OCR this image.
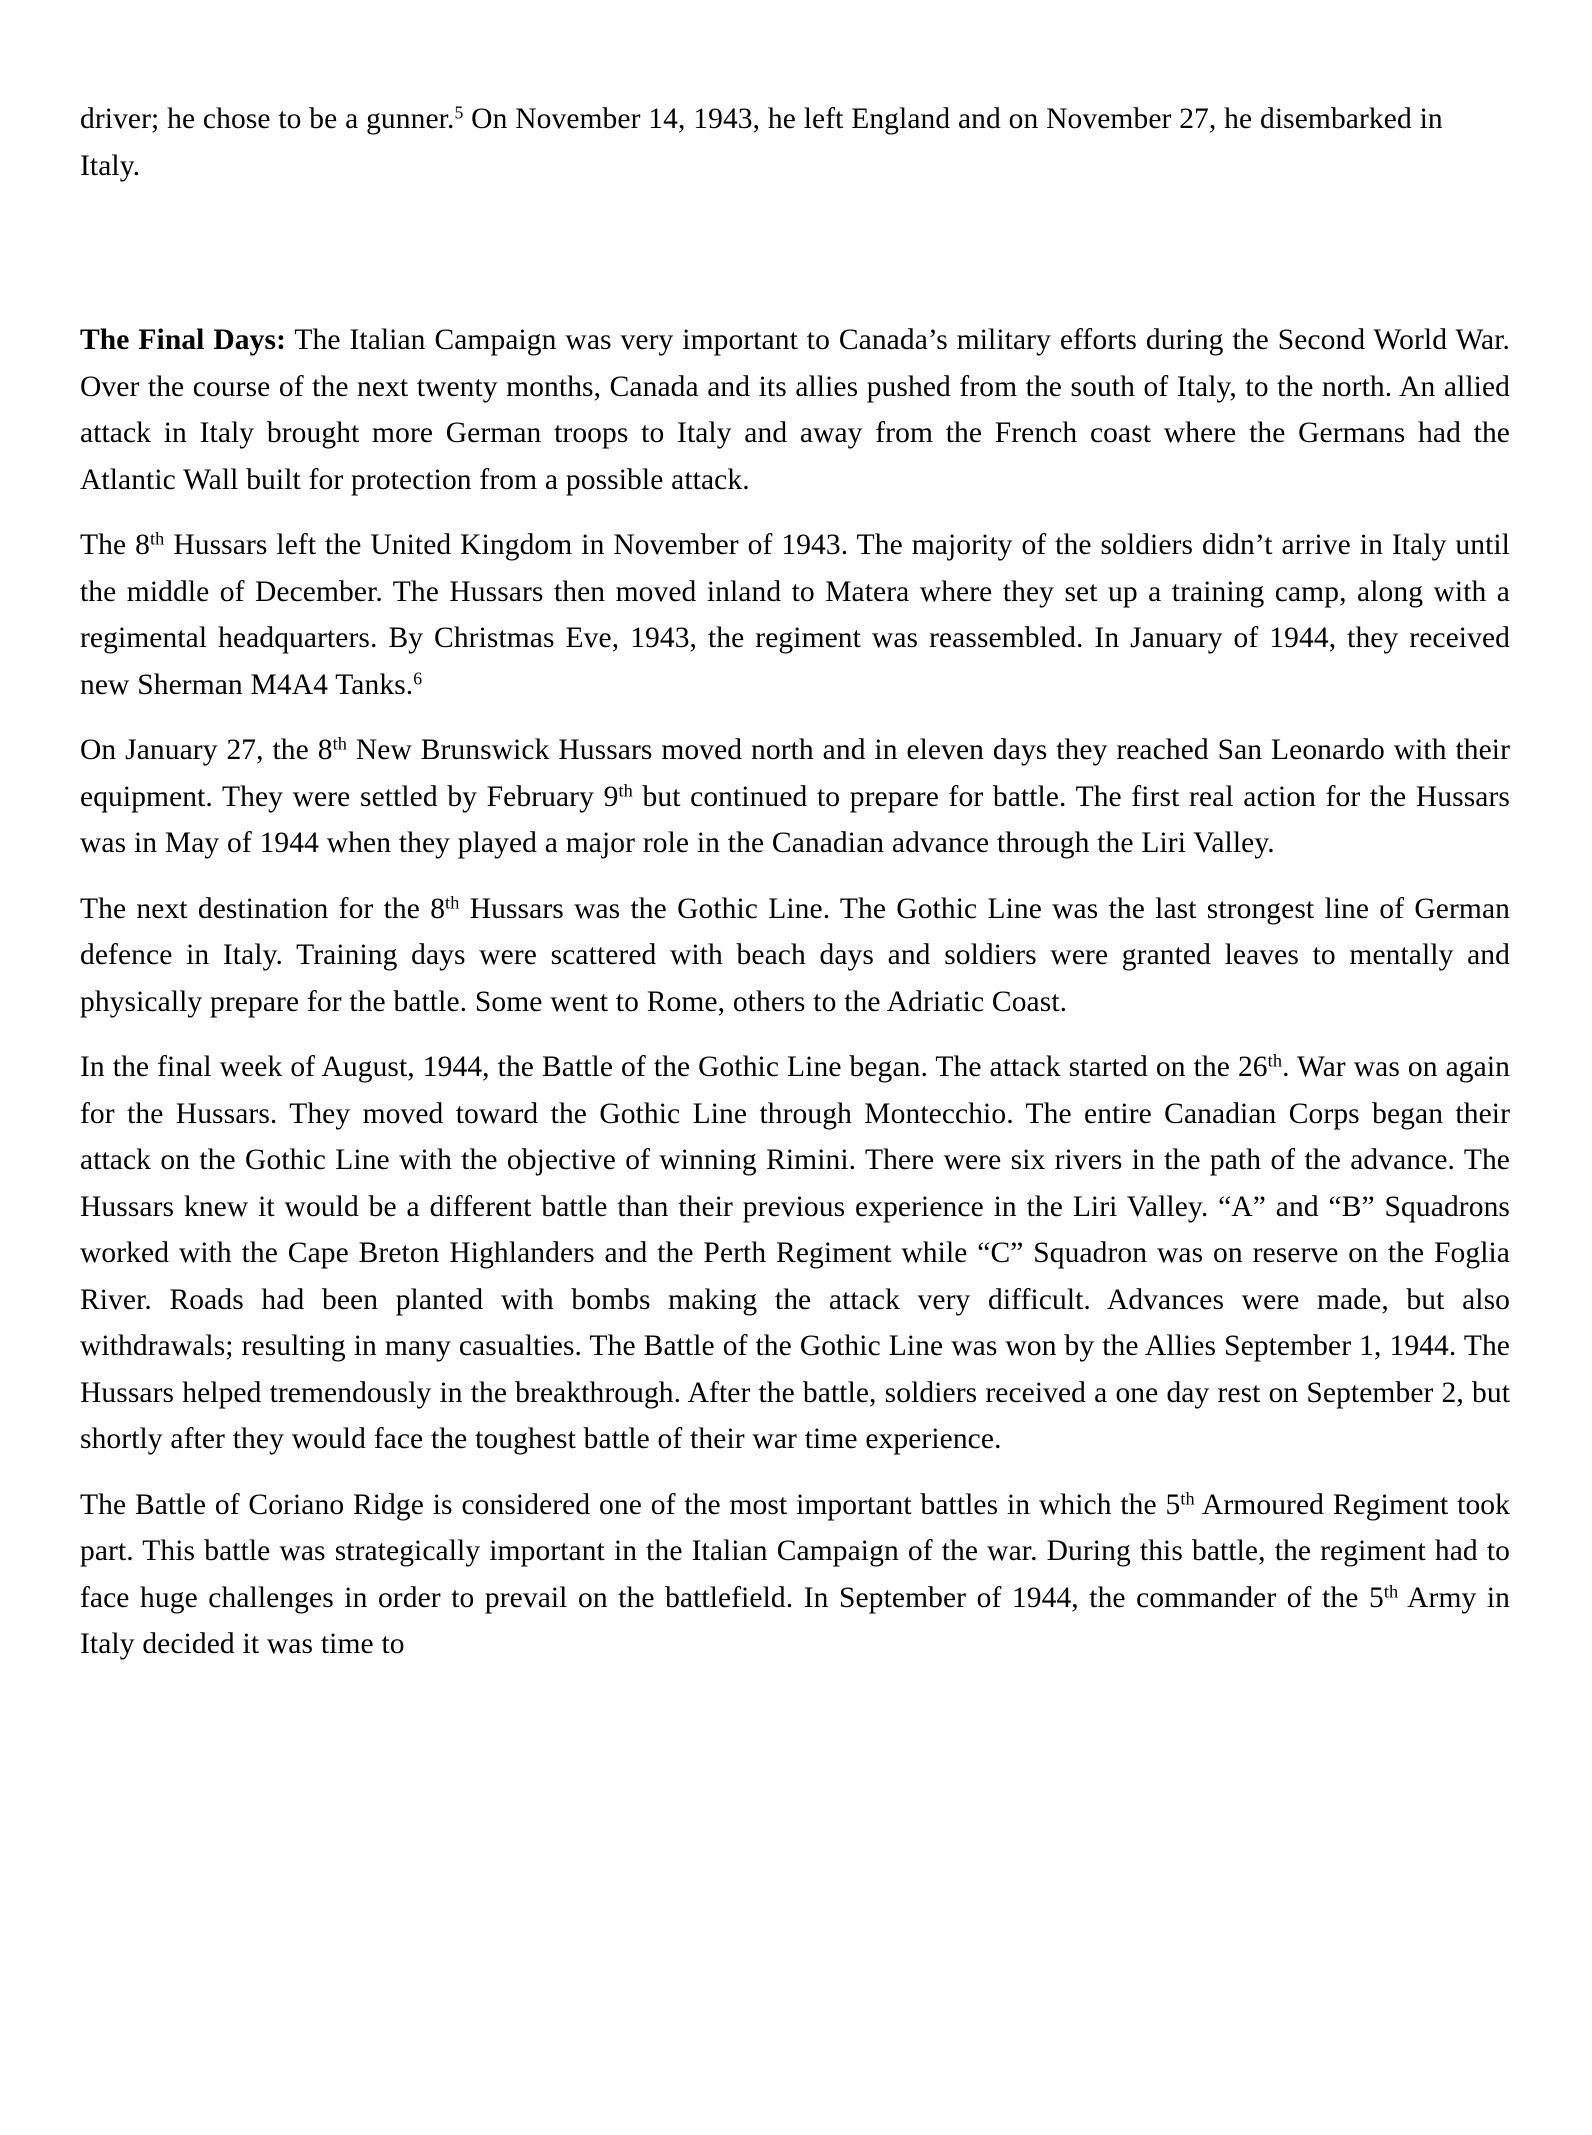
driver; he chose to be a gunner.$^5$ On November 14, 1943, he left England and on November 27, he disembarked in Italy.

The Final Days: The Italian Campaign was very important to Canada’s military efforts during the Second World War. Over the course of the next twenty months, Canada and its allies pushed from the south of Italy, to the north. An allied attack in Italy brought more German troops to Italy and away from the French coast where the Germans had the Atlantic Wall built for protection from a possible attack.

The 8th Hussars left the United Kingdom in November of 1943. The majority of the soldiers didn’t arrive in Italy until the middle of December. The Hussars then moved inland to Matera where they set up a training camp, along with a regimental headquarters. By Christmas Eve, 1943, the regiment was reassembled. In January of 1944, they received new Sherman M4A4 Tanks.$^6$

On January 27, the 8th New Brunswick Hussars moved north and in eleven days they reached San Leonardo with their equipment. They were settled by February 9th but continued to prepare for battle. The first real action for the Hussars was in May of 1944 when they played a major role in the Canadian advance through the Liri Valley.

The next destination for the 8th Hussars was the Gothic Line. The Gothic Line was the last strongest line of German defence in Italy. Training days were scattered with beach days and soldiers were granted leaves to mentally and physically prepare for the battle. Some went to Rome, others to the Adriatic Coast.

In the final week of August, 1944, the Battle of the Gothic Line began. The attack started on the 26th. War was on again for the Hussars. They moved toward the Gothic Line through Montecchio. The entire Canadian Corps began their attack on the Gothic Line with the objective of winning Rimini. There were six rivers in the path of the advance. The Hussars knew it would be a different battle than their previous experience in the Liri Valley. “A” and “B” Squadrons worked with the Cape Breton Highlanders and the Perth Regiment while “C” Squadron was on reserve on the Foglia River. Roads had been planted with bombs making the attack very difficult. Advances were made, but also withdrawals; resulting in many casualties. The Battle of the Gothic Line was won by the Allies September 1, 1944. The Hussars helped tremendously in the breakthrough. After the battle, soldiers received a one day rest on September 2, but shortly after they would face the toughest battle of their war time experience.

The Battle of Coriano Ridge is considered one of the most important battles in which the 5th Armoured Regiment took part. This battle was strategically important in the Italian Campaign of the war. During this battle, the regiment had to face huge challenges in order to prevail on the battlefield. In September of 1944, the commander of the 5th Army in Italy decided it was time to
